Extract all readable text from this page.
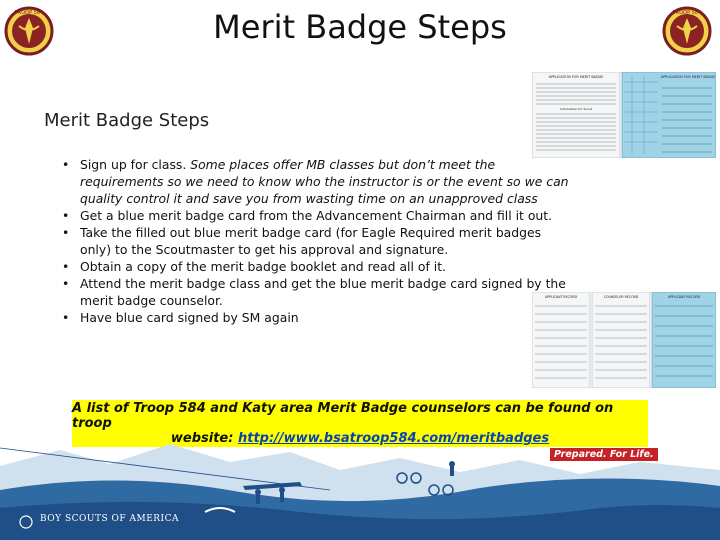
TROOP 584	TROOP 584
Merit Badge Steps
Merit Badge Steps
APPLICATION FOR MERIT BADGE
Information for Scout
APPLICATION FOR MERIT BADGE
APPLICANT RECORD	COUNSELOR RECORD	APPLICANT RECORD
• Sign up for class. Some places offer MB classes but don’t meet the requirements so we need to know who the instructor is or the event so we can quality control it and save you from wasting time on an unapproved class
• Get a blue merit badge card from the Advancement Chairman and fill it out.
• Take the filled out blue merit badge card (for Eagle Required merit badges only) to the Scoutmaster to get his approval and signature.
• Obtain a copy of the merit badge booklet and read all of it.
• Attend the merit badge class and get the blue merit badge card signed by the merit badge counselor.
• Have blue card signed by SM again
A list of Troop 584 and Katy area Merit Badge counselors can be found on troop
website: http://www.bsatroop584.com/meritbadges
Prepared. For Life.
BOY SCOUTS OF AMERICA
